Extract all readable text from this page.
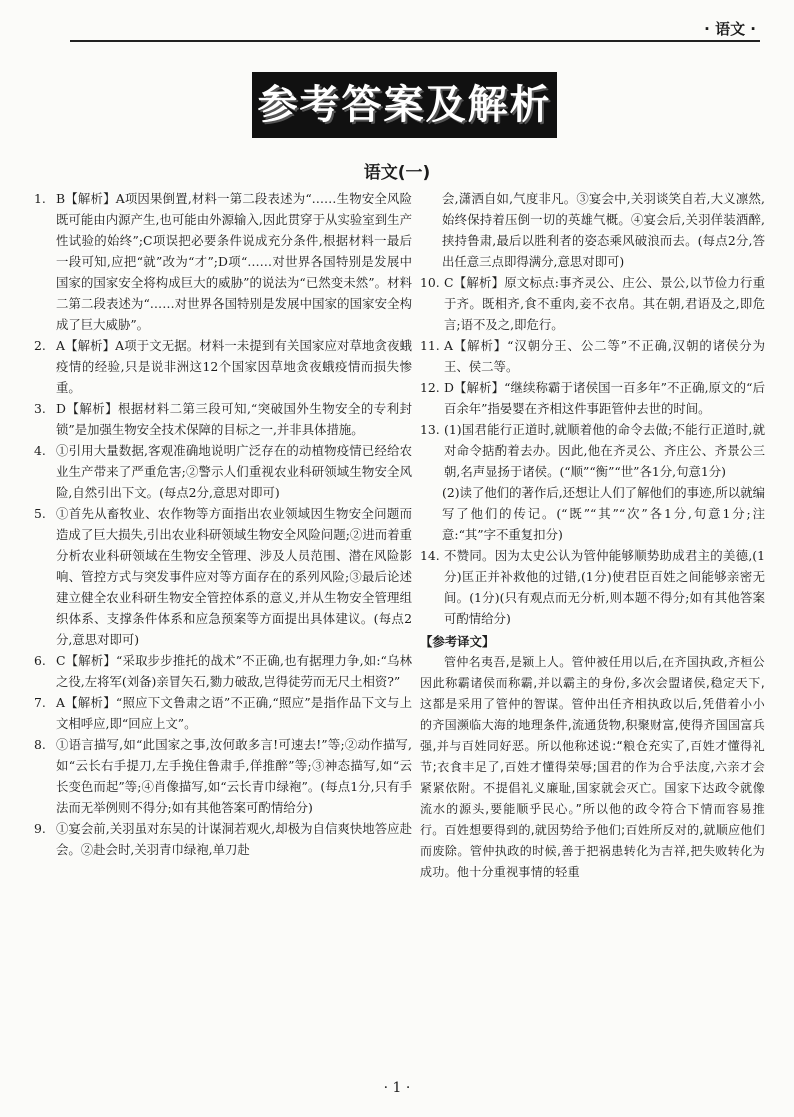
· 语文 ·
参考答案及解析
语文(一)

1. B【解析】A项因果倒置,材料一第二段表述为“……生物安全风险既可能由内源产生,也可能由外源输入,因此贯穿于从实验室到生产性试验的始终”;C项误把必要条件说成充分条件,根据材料一最后一段可知,应把“就”改为“才”;D项“……对世界各国特别是发展中国家的国家安全将构成巨大的威胁”的说法为“已然变未然”。材料二第二段表述为“……对世界各国特别是发展中国家的国家安全构成了巨大威胁”。

2. A【解析】A项于文无据。材料一未提到有关国家应对草地贪夜蛾疫情的经验,只是说非洲这12个国家因草地贪夜蛾疫情而损失惨重。

3. D【解析】根据材料二第三段可知,“突破国外生物安全的专利封锁”是加强生物安全技术保障的目标之一,并非具体措施。

4. ①引用大量数据,客观准确地说明广泛存在的动植物疫情已经给农业生产带来了严重危害;②警示人们重视农业科研领域生物安全风险,自然引出下文。(每点2分,意思对即可)

5. ①首先从畜牧业、农作物等方面指出农业领域因生物安全问题而造成了巨大损失,引出农业科研领域生物安全风险问题;②进而着重分析农业科研领域在生物安全管理、涉及人员范围、潜在风险影响、管控方式与突发事件应对等方面存在的系列风险;③最后论述建立健全农业科研生物安全管控体系的意义,并从生物安全管理组织体系、支撑条件体系和应急预案等方面提出具体建议。(每点2分,意思对即可)

6. C【解析】“采取步步推托的战术”不正确,也有据理力争,如:“乌林之役,左将军(刘备)亲冒矢石,勠力破敌,岂得徒劳而无尺土相资?”

7. A【解析】“照应下文鲁肃之语”不正确,“照应”是指作品下文与上文相呼应,即“回应上文”。

8. ①语言描写,如“此国家之事,汝何敢多言!可速去!”等;②动作描写,如“云长右手提刀,左手挽住鲁肃手,佯推醉”等;③神态描写,如“云长变色而起”等;④肖像描写,如“云长青巾绿袍”。(每点1分,只有手法而无举例则不得分;如有其他答案可酌情给分)

9. ①宴会前,关羽虽对东吴的计谋洞若观火,却极为自信爽快地答应赴会。②赴会时,关羽青巾绿袍,单刀赴

会,潇洒自如,气度非凡。③宴会中,关羽谈笑自若,大义凛然,始终保持着压倒一切的英雄气概。④宴会后,关羽佯装酒醉,挟持鲁肃,最后以胜利者的姿态乘风破浪而去。(每点2分,答出任意三点即得满分,意思对即可)

10. C【解析】原文标点:事齐灵公、庄公、景公,以节俭力行重于齐。既相齐,食不重肉,妾不衣帛。其在朝,君语及之,即危言;语不及之,即危行。

11. A【解析】“汉朝分王、公二等”不正确,汉朝的诸侯分为王、侯二等。

12. D【解析】“继续称霸于诸侯国一百多年”不正确,原文的“后百余年”指晏婴在齐相这件事距管仲去世的时间。

13. (1)国君能行正道时,就顺着他的命令去做;不能行正道时,就对命令掂酌着去办。因此,他在齐灵公、齐庄公、齐景公三朝,名声显扬于诸侯。(“顺”“衡”“世”各1分,句意1分)

(2)读了他们的著作后,还想让人们了解他们的事迹,所以就编写了他们的传记。(“既”“其”“次”各1分,句意1分;注意:“其”字不重复扣分)

14. 不赞同。因为太史公认为管仲能够顺势助成君主的美德,(1分)匡正并补救他的过错,(1分)使君臣百姓之间能够亲密无间。(1分)(只有观点而无分析,则本题不得分;如有其他答案可酌情给分)

【参考译文】

管仲名夷吾,是颍上人。管仲被任用以后,在齐国执政,齐桓公因此称霸诸侯而称霸,并以霸主的身份,多次会盟诸侯,稳定天下,这都是采用了管仲的智谋。管仲出任齐相执政以后,凭借着小小的齐国濒临大海的地理条件,流通货物,积聚财富,使得齐国国富兵强,并与百姓同好恶。所以他称述说:“粮仓充实了,百姓才懂得礼节;衣食丰足了,百姓才懂得荣辱;国君的作为合乎法度,六亲才会紧紧依附。不提倡礼义廉耻,国家就会灭亡。国家下达政令就像流水的源头,要能顺乎民心。”所以他的政令符合下情而容易推行。百姓想要得到的,就因势给予他们;百姓所反对的,就顺应他们而废除。管仲执政的时候,善于把祸患转化为吉祥,把失败转化为成功。他十分重视事情的轻重

· 1 ·
